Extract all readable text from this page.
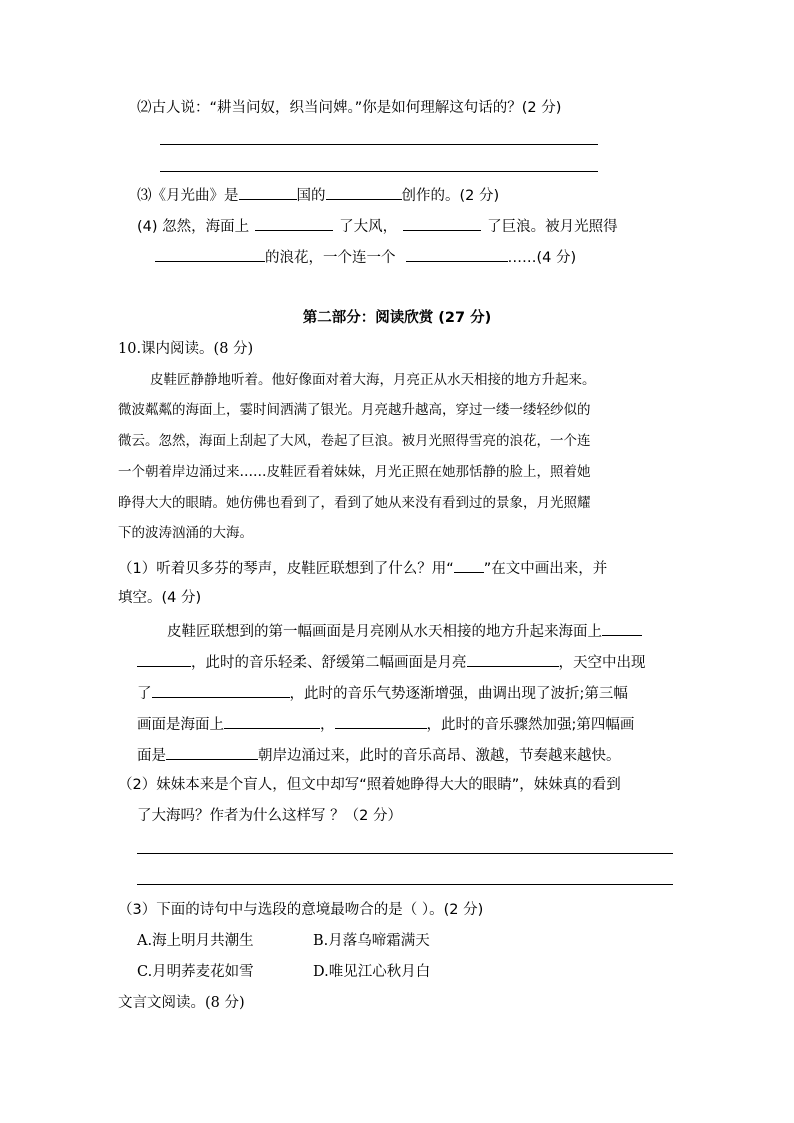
⑵古人说：“耕当问奴，织当问婢。”你是如何理解这句话的？(2 分)
⑶《月光曲》是	国的	创作的。(2 分)
(4) 忽然，海面上	了大风，	了巨浪。被月光照得
的浪花，一个连一个	……(4 分)
第二部分：阅读欣赏 (27 分)
10.课内阅读。(8 分)
皮鞋匠静静地听着。他好像面对着大海，月亮正从水天相接的地方升起来。
微波粼粼的海面上，霎时间洒满了银光。月亮越升越高，穿过一缕一缕轻纱似的
微云。忽然，海面上刮起了大风，卷起了巨浪。被月光照得雪亮的浪花，一个连
一个朝着岸边涌过来……皮鞋匠看着妹妹，月光正照在她那恬静的脸上，照着她
睁得大大的眼睛。她仿佛也看到了，看到了她从来没有看到过的景象，月光照耀
下的波涛汹涌的大海。
（1）听着贝多芬的琴声，皮鞋匠联想到了什么？用“ ”在文中画出来，并
填空。(4 分)
皮鞋匠联想到的第一幅画面是月亮刚从水天相接的地方升起来海面上
，此时的音乐轻柔、舒缓第二幅画面是月亮	，天空中出现
了	，此时的音乐气势逐渐增强，曲调出现了波折;第三幅
画面是海面上	，	，此时的音乐骤然加强;第四幅画
面是	朝岸边涌过来，此时的音乐高昂、激越，节奏越来越快。
（2）妹妹本来是个盲人，但文中却写“照着她睁得大大的眼睛”，妹妹真的看到
了大海吗？作者为什么这样写 ？（2 分）
（3）下面的诗句中与选段的意境最吻合的是（ ）。(2 分)
A.海上明月共潮生	B.月落乌啼霜满天
C.月明荞麦花如雪	D.唯见江心秋月白
文言文阅读。(8 分)
